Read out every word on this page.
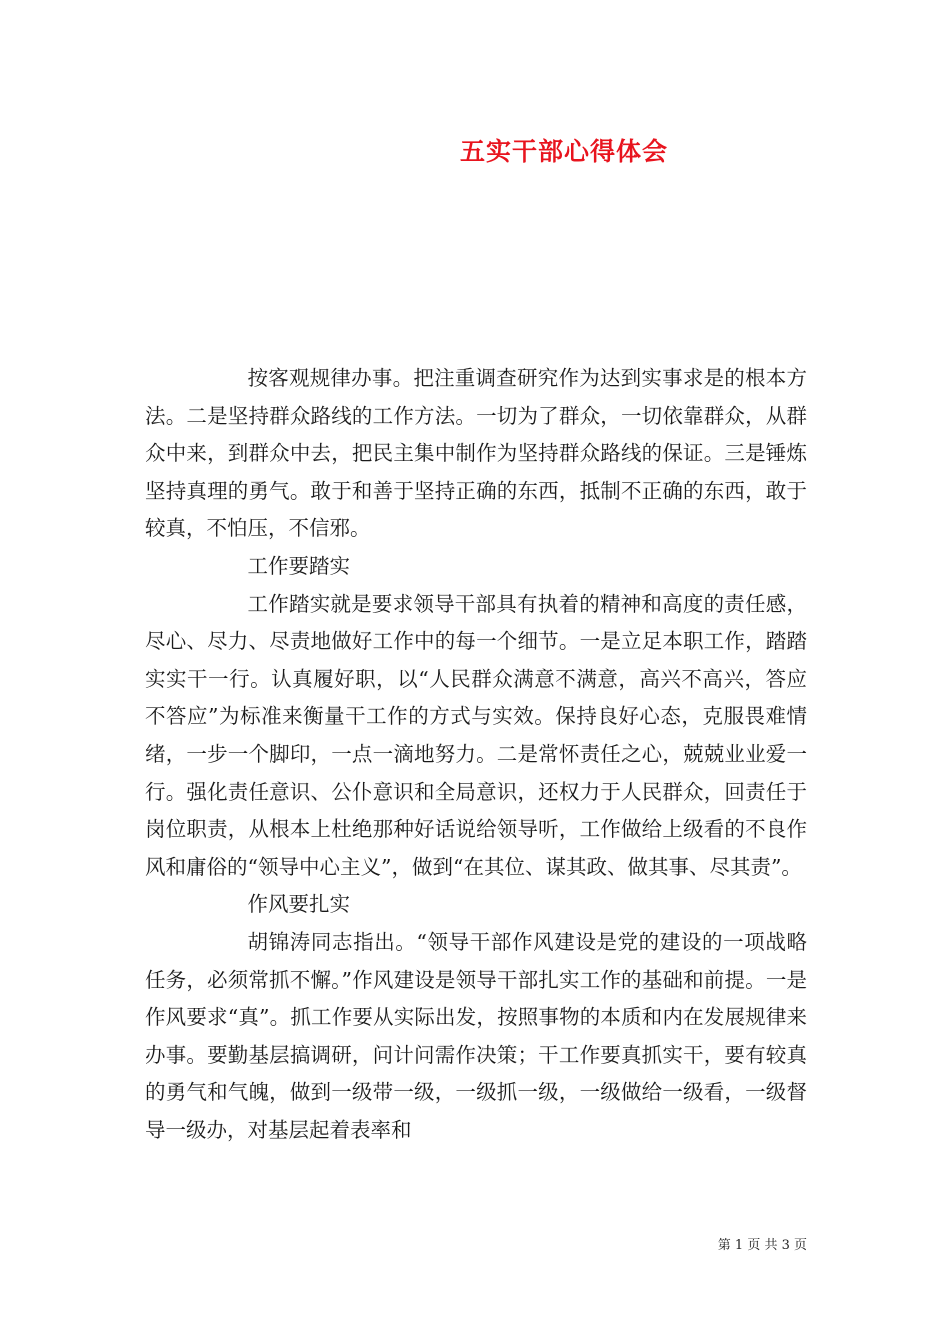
五实干部心得体会

按客观规律办事。把注重调查研究作为达到实事求是的根本方法。二是坚持群众路线的工作方法。一切为了群众，一切依靠群众，从群众中来，到群众中去，把民主集中制作为坚持群众路线的保证。三是锤炼坚持真理的勇气。敢于和善于坚持正确的东西，抵制不正确的东西，敢于较真，不怕压，不信邪。

工作要踏实

工作踏实就是要求领导干部具有执着的精神和高度的责任感，尽心、尽力、尽责地做好工作中的每一个细节。一是立足本职工作，踏踏实实干一行。认真履好职，以“人民群众满意不满意，高兴不高兴，答应不答应”为标准来衡量干工作的方式与实效。保持良好心态，克服畏难情绪，一步一个脚印，一点一滴地努力。二是常怀责任之心，兢兢业业爱一行。强化责任意识、公仆意识和全局意识，还权力于人民群众，回责任于岗位职责，从根本上杜绝那种好话说给领导听，工作做给上级看的不良作风和庸俗的“领导中心主义”，做到“在其位、谋其政、做其事、尽其责”。

作风要扎实

胡锦涛同志指出。“领导干部作风建设是党的建设的一项战略任务，必须常抓不懈。”作风建设是领导干部扎实工作的基础和前提。一是作风要求“真”。抓工作要从实际出发，按照事物的本质和内在发展规律来办事。要勤基层搞调研，问计问需作决策；干工作要真抓实干，要有较真的勇气和气魄，做到一级带一级，一级抓一级，一级做给一级看，一级督导一级办，对基层起着表率和

第 1 页 共 3 页
